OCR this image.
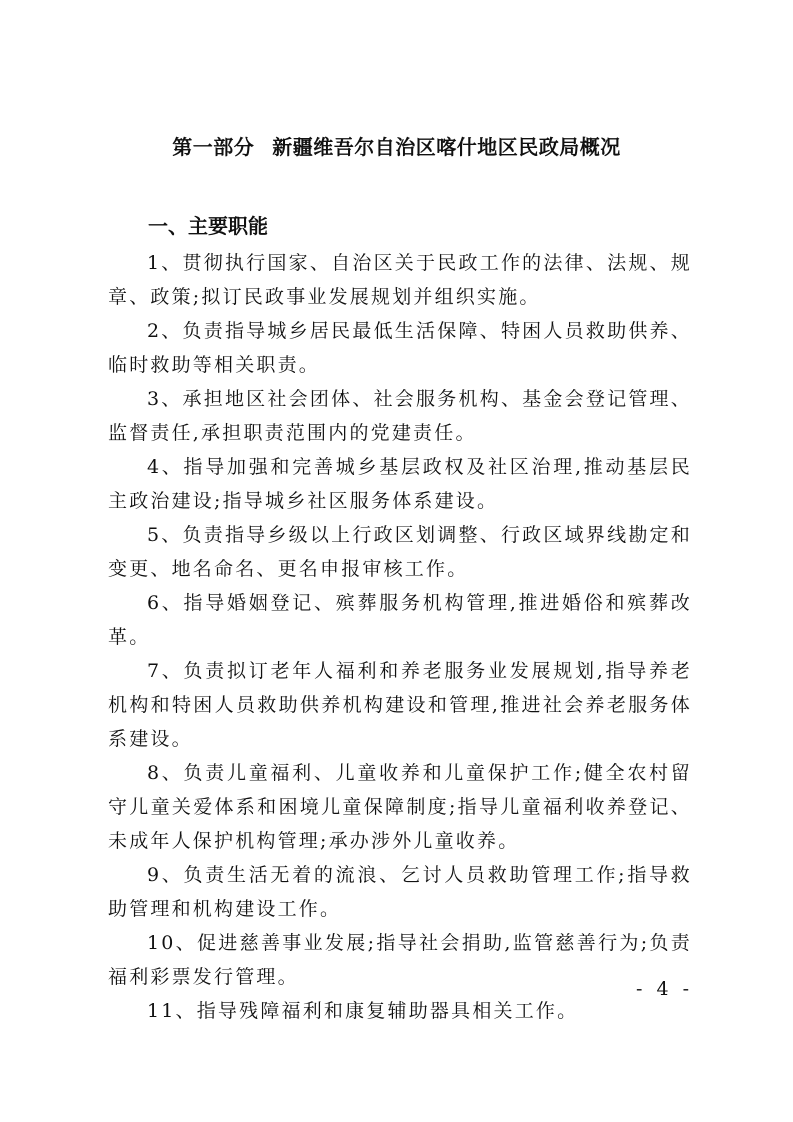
第一部分 新疆维吾尔自治区喀什地区民政局概况
一、主要职能

1、贯彻执行国家、自治区关于民政工作的法律、法规、规章、政策;拟订民政事业发展规划并组织实施。

2、负责指导城乡居民最低生活保障、特困人员救助供养、临时救助等相关职责。

3、承担地区社会团体、社会服务机构、基金会登记管理、监督责任,承担职责范围内的党建责任。

4、指导加强和完善城乡基层政权及社区治理,推动基层民主政治建设;指导城乡社区服务体系建设。

5、负责指导乡级以上行政区划调整、行政区域界线勘定和变更、地名命名、更名申报审核工作。

6、指导婚姻登记、殡葬服务机构管理,推进婚俗和殡葬改革。

7、负责拟订老年人福利和养老服务业发展规划,指导养老机构和特困人员救助供养机构建设和管理,推进社会养老服务体系建设。

8、负责儿童福利、儿童收养和儿童保护工作;健全农村留守儿童关爱体系和困境儿童保障制度;指导儿童福利收养登记、未成年人保护机构管理;承办涉外儿童收养。

9、负责生活无着的流浪、乞讨人员救助管理工作;指导救助管理和机构建设工作。

10、促进慈善事业发展;指导社会捐助,监管慈善行为;负责福利彩票发行管理。

11、指导残障福利和康复辅助器具相关工作。

- 4 -
